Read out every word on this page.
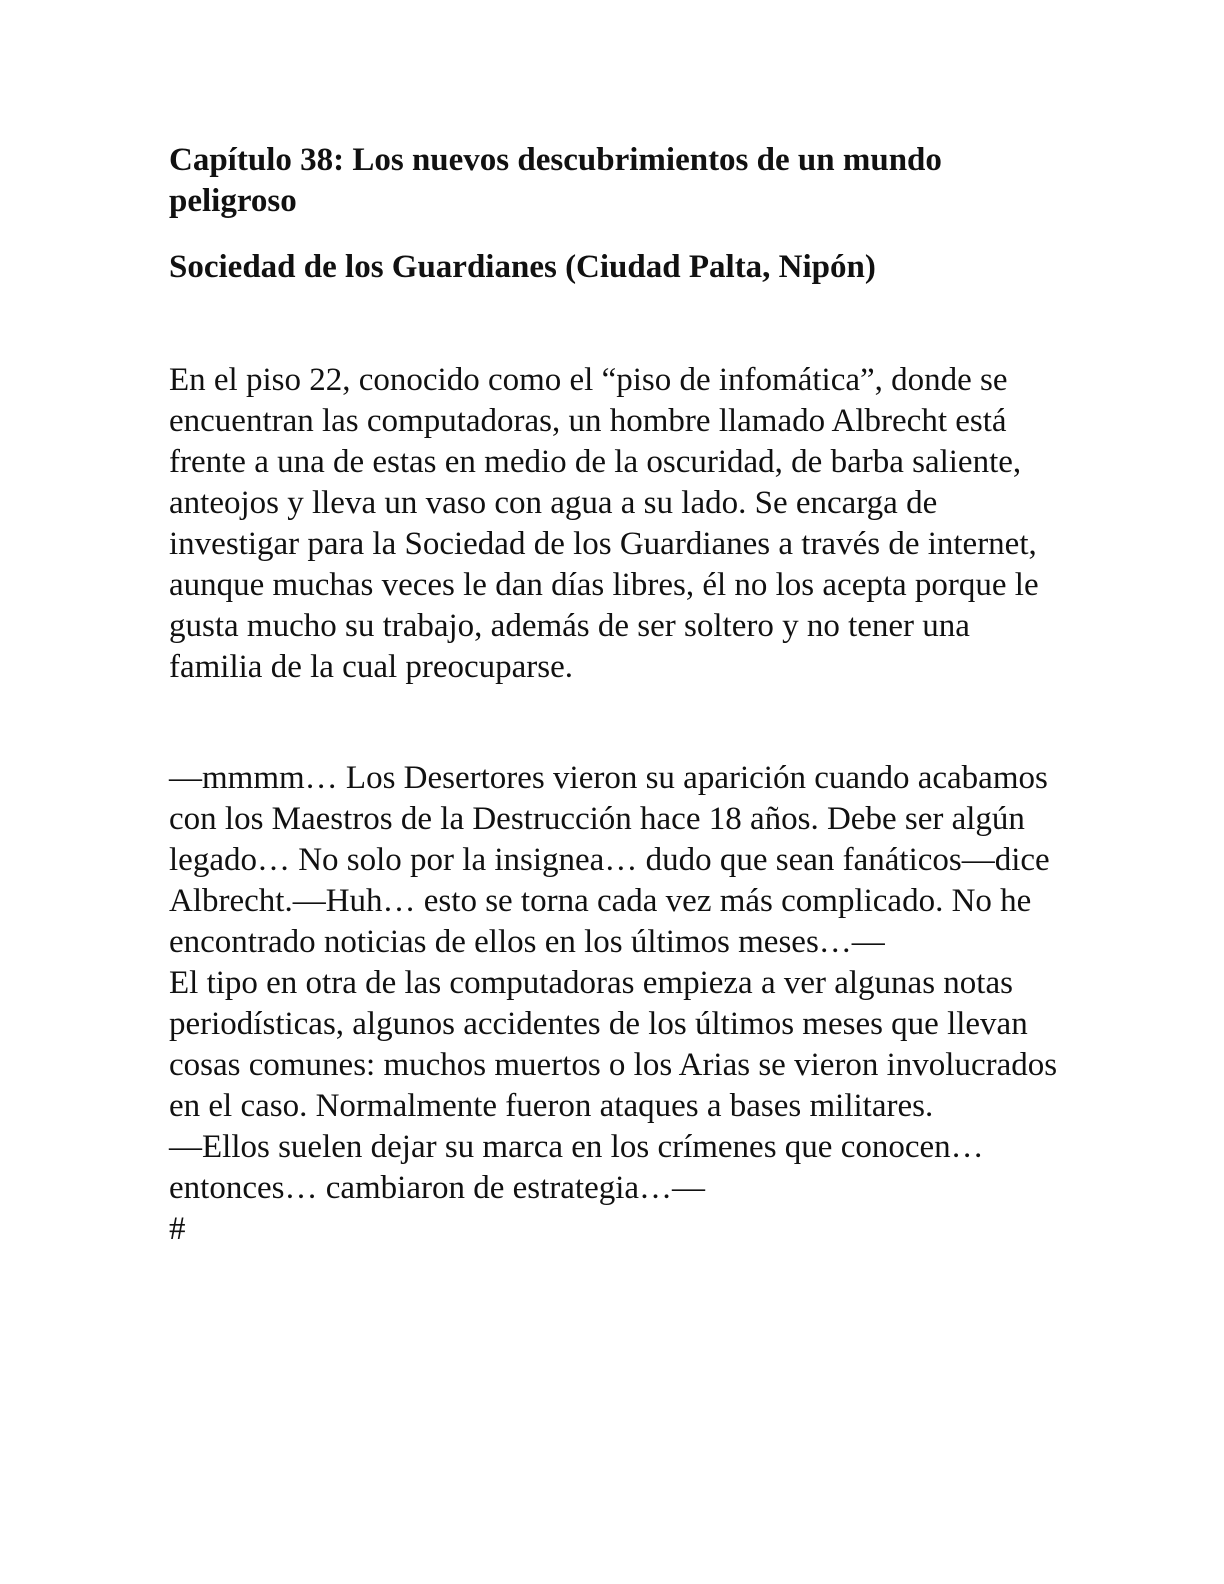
Capítulo 38: Los nuevos descubrimientos de un mundo peligroso
Sociedad de los Guardianes (Ciudad Palta, Nipón)

En el piso 22, conocido como el “piso de infomática”, donde se encuentran las computadoras, un hombre llamado Albrecht está frente a una de estas en medio de la oscuridad, de barba saliente, anteojos y lleva un vaso con agua a su lado. Se encarga de investigar para la Sociedad de los Guardianes a través de internet, aunque muchas veces le dan días libres, él no los acepta porque le gusta mucho su trabajo, además de ser soltero y no tener una familia de la cual preocuparse.

—mmmm… Los Desertores vieron su aparición cuando acabamos con los Maestros de la Destrucción hace 18 años. Debe ser algún legado… No solo por la insignea… dudo que sean fanáticos—dice Albrecht.—Huh… esto se torna cada vez más complicado. No he encontrado noticias de ellos en los últimos meses…—

El tipo en otra de las computadoras empieza a ver algunas notas periodísticas, algunos accidentes de los últimos meses que llevan cosas comunes: muchos muertos o los Arias se vieron involucrados en el caso. Normalmente fueron ataques a bases militares.

—Ellos suelen dejar su marca en los crímenes que conocen… entonces… cambiaron de estrategia…—

#
